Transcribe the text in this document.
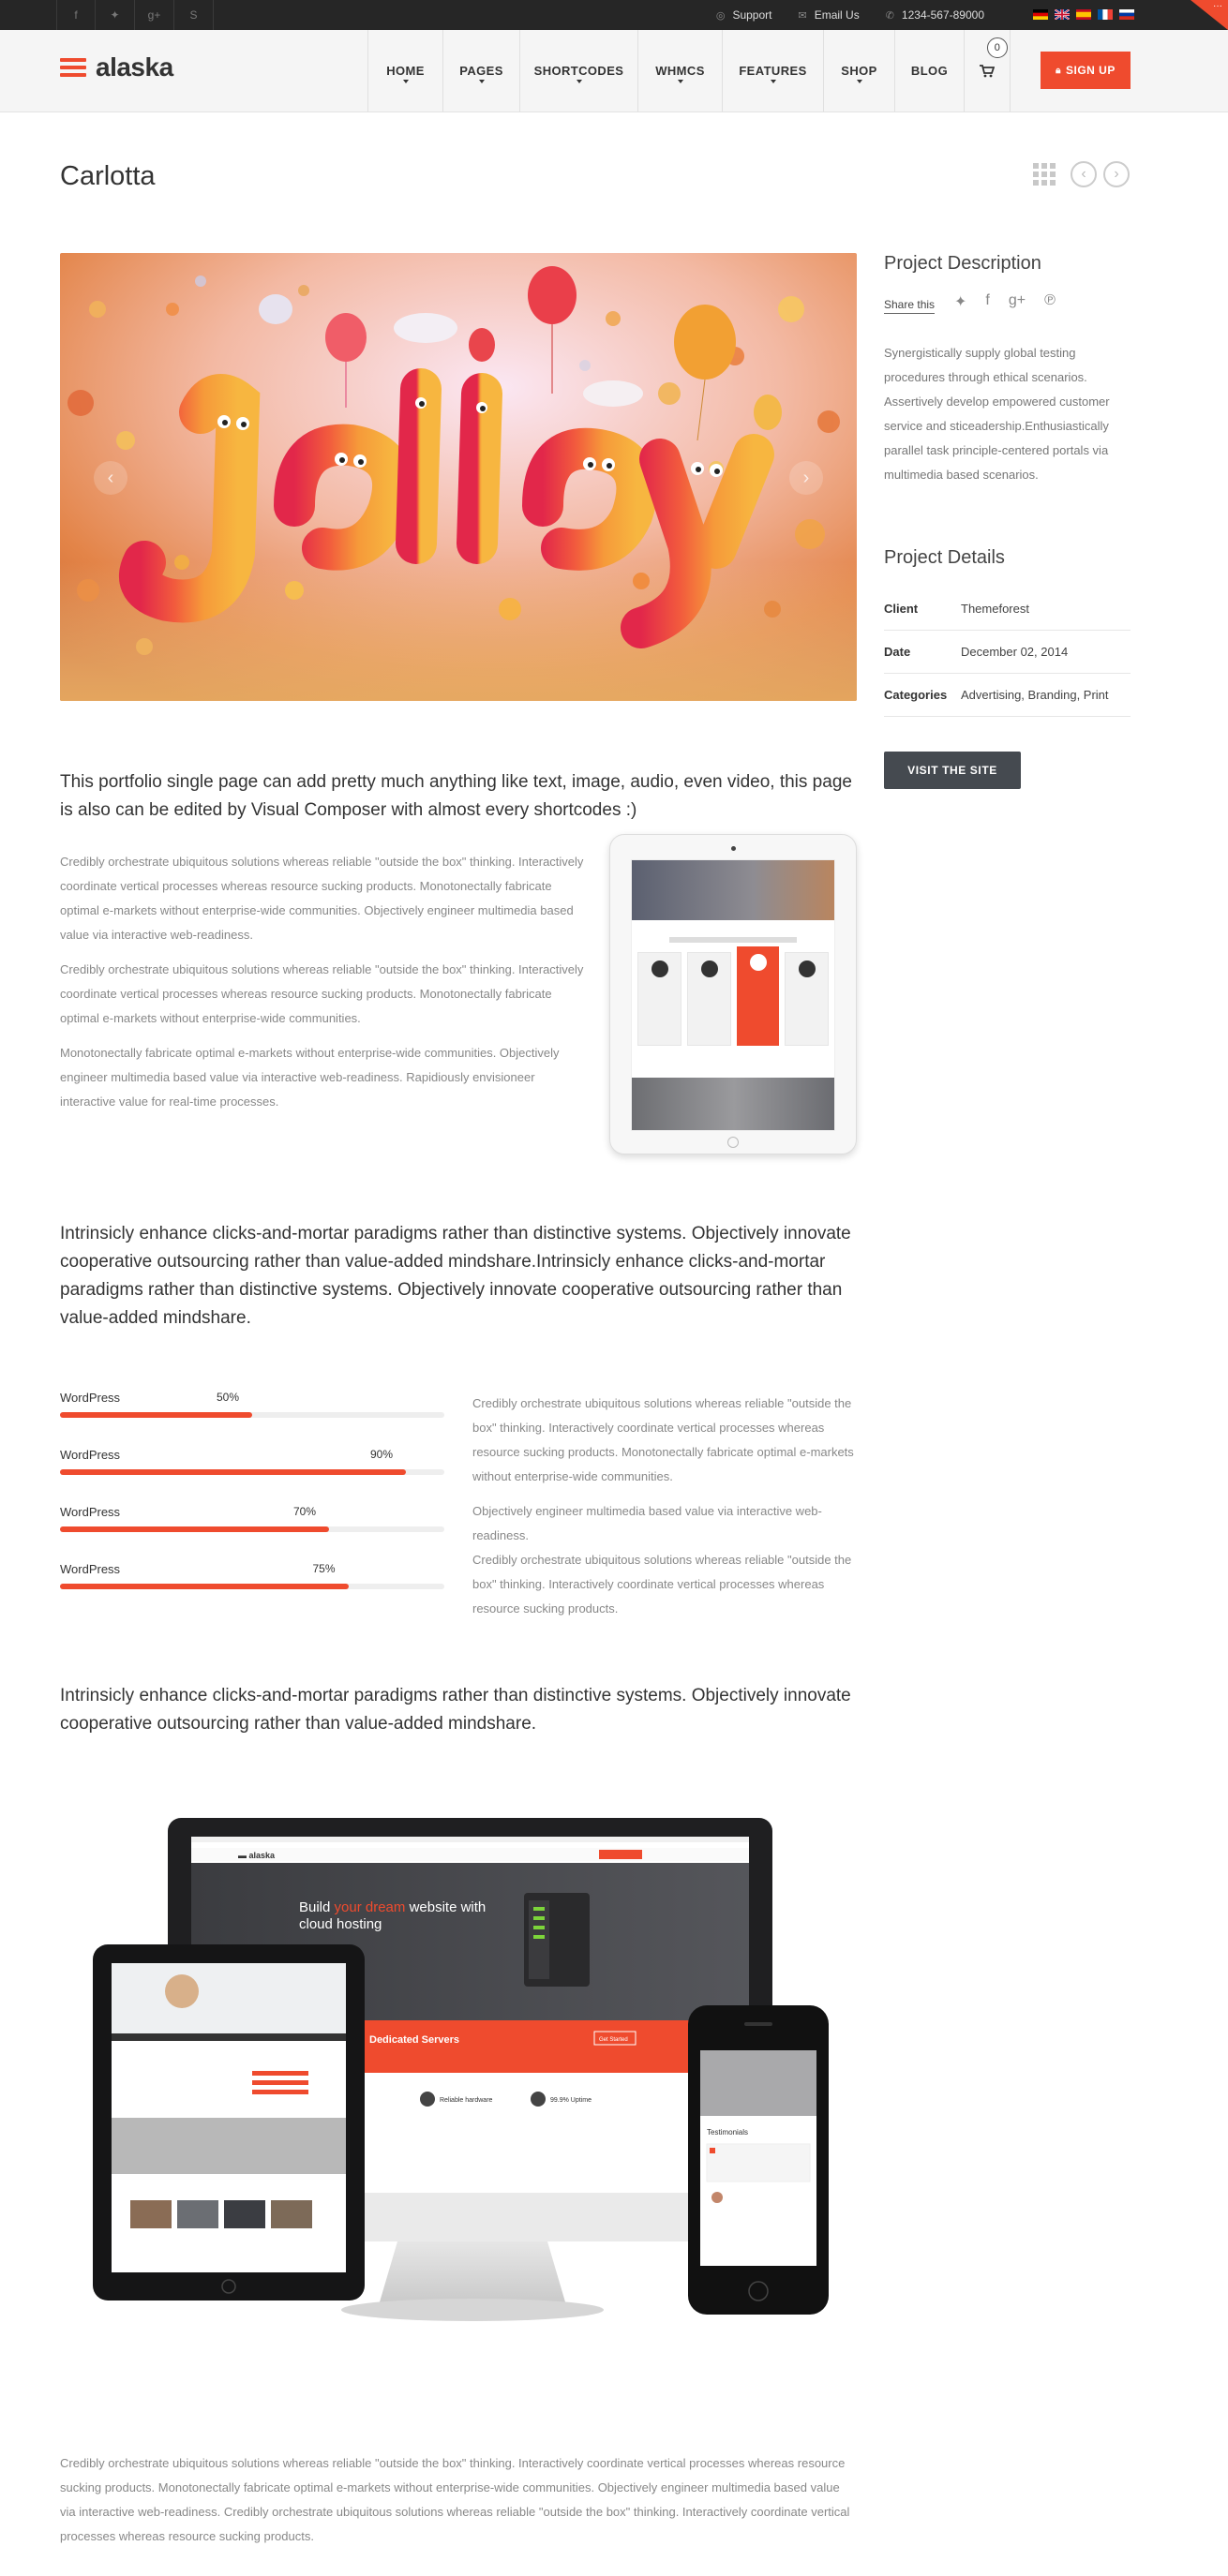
f	✦	g+	S	◎ Support	✉ Email Us	✆ 1234-567-89000
···
alaska	HOME	PAGES	SHORTCODES	WHMCS	FEATURES	SHOP	BLOG
0
🔒︎ SIGN UP
Carlotta	‹ ›
‹	›
Project Description
Share this ✦ f g+ ℗

Synergistically supply global testing procedures through ethical scenarios. Assertively develop empowered customer service and sticeadership.Enthusiastically parallel task principle-centered portals via multimedia based scenarios.

Project Details
Client	Themeforest
Date	December 02, 2014
Categories	Advertising, Branding, Print
VISIT THE SITE

This portfolio single page can add pretty much anything like text, image, audio, even video, this page is also can be edited by Visual Composer with almost every shortcodes :)

Credibly orchestrate ubiquitous solutions whereas reliable "outside the box" thinking. Interactively coordinate vertical processes whereas resource sucking products. Monotonectally fabricate optimal e-markets without enterprise-wide communities. Objectively engineer multimedia based value via interactive web-readiness.

Credibly orchestrate ubiquitous solutions whereas reliable "outside the box" thinking. Interactively coordinate vertical processes whereas resource sucking products. Monotonectally fabricate optimal e-markets without enterprise-wide communities.

Monotonectally fabricate optimal e-markets without enterprise-wide communities. Objectively engineer multimedia based value via interactive web-readiness. Rapidiously envisioneer interactive value for real-time processes.

Intrinsicly enhance clicks-and-mortar paradigms rather than distinctive systems. Objectively innovate cooperative outsourcing rather than value-added mindshare.Intrinsicly enhance clicks-and-mortar paradigms rather than distinctive systems. Objectively innovate cooperative outsourcing rather than value-added mindshare.

WordPress	50%
WordPress	90%
WordPress	70%
WordPress	75%

Credibly orchestrate ubiquitous solutions whereas reliable "outside the box" thinking. Interactively coordinate vertical processes whereas resource sucking products. Monotonectally fabricate optimal e-markets without enterprise-wide communities.

Objectively engineer multimedia based value via interactive web-readiness.

Credibly orchestrate ubiquitous solutions whereas reliable "outside the box" thinking. Interactively coordinate vertical processes whereas resource sucking products.

Intrinsicly enhance clicks-and-mortar paradigms rather than distinctive systems. Objectively innovate cooperative outsourcing rather than value-added mindshare.

▬ alaska
Build your dream website with
cloud hosting
Dedicated Servers	Get Started
Reliable hardware	99.9% Uptime
Testimonials

Credibly orchestrate ubiquitous solutions whereas reliable "outside the box" thinking. Interactively coordinate vertical processes whereas resource sucking products. Monotonectally fabricate optimal e-markets without enterprise-wide communities. Objectively engineer multimedia based value via interactive web-readiness. Credibly orchestrate ubiquitous solutions whereas reliable "outside the box" thinking. Interactively coordinate vertical processes whereas resource sucking products.
